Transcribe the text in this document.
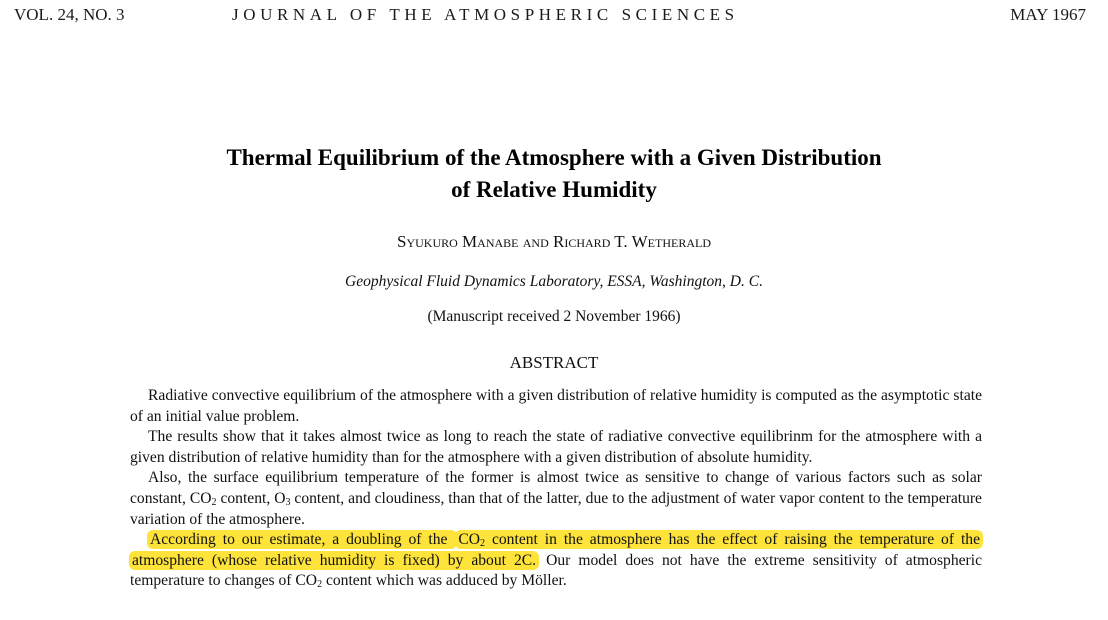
VOL. 24, NO. 3	JOURNAL OF THE ATMOSPHERIC SCIENCES	MAY 1967
Thermal Equilibrium of the Atmosphere with a Given Distribution
of Relative Humidity
Syukuro Manabe and Richard T. Wetherald
Geophysical Fluid Dynamics Laboratory, ESSA, Washington, D. C.
(Manuscript received 2 November 1966)
ABSTRACT

Radiative convective equilibrium of the atmosphere with a given distribution of relative humidity is computed as the asymptotic state of an initial value problem.

The results show that it takes almost twice as long to reach the state of radiative convective equilibrinm for the atmosphere with a given distribution of relative humidity than for the atmosphere with a given distribution of absolute humidity.

Also, the surface equilibrium temperature of the former is almost twice as sensitive to change of various factors such as solar constant, $CO_2$ content, $O_3$ content, and cloudiness, than that of the latter, due to the adjustment of water vapor content to the temperature variation of the atmosphere.

According to our estimate, a doubling of the $CO_2$ content in the atmosphere has the effect of raising the temperature of the atmosphere (whose relative humidity is fixed) by about 2C. Our model does not have the extreme sensitivity of atmospheric temperature to changes of $CO_2$ content which was adduced by Möller.
